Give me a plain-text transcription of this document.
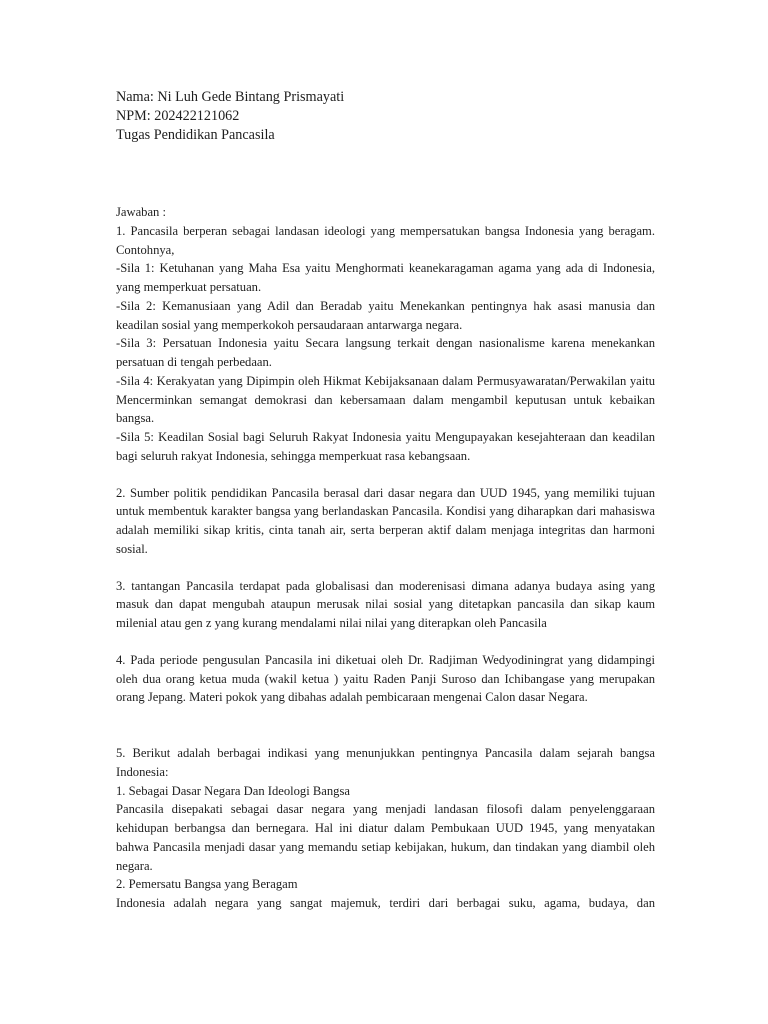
Nama: Ni Luh Gede Bintang Prismayati

NPM: 202422121062

Tugas Pendidikan Pancasila

Jawaban :

1. Pancasila berperan sebagai landasan ideologi yang mempersatukan bangsa Indonesia yang beragam. Contohnya,

-Sila 1: Ketuhanan yang Maha Esa yaitu Menghormati keanekaragaman agama yang ada di Indonesia, yang memperkuat persatuan.

-Sila 2: Kemanusiaan yang Adil dan Beradab yaitu Menekankan pentingnya hak asasi manusia dan keadilan sosial yang memperkokoh persaudaraan antarwarga negara.

-Sila 3: Persatuan Indonesia yaitu Secara langsung terkait dengan nasionalisme karena menekankan persatuan di tengah perbedaan.

-Sila 4: Kerakyatan yang Dipimpin oleh Hikmat Kebijaksanaan dalam Permusyawaratan/Perwakilan yaitu Mencerminkan semangat demokrasi dan kebersamaan dalam mengambil keputusan untuk kebaikan bangsa.

-Sila 5: Keadilan Sosial bagi Seluruh Rakyat Indonesia yaitu Mengupayakan kesejahteraan dan keadilan bagi seluruh rakyat Indonesia, sehingga memperkuat rasa kebangsaan.

2. Sumber politik pendidikan Pancasila berasal dari dasar negara dan UUD 1945, yang memiliki tujuan untuk membentuk karakter bangsa yang berlandaskan Pancasila. Kondisi yang diharapkan dari mahasiswa adalah memiliki sikap kritis, cinta tanah air, serta berperan aktif dalam menjaga integritas dan harmoni sosial.

3. tantangan Pancasila terdapat pada globalisasi dan moderenisasi dimana adanya budaya asing yang masuk dan dapat mengubah ataupun merusak nilai sosial yang ditetapkan pancasila dan sikap kaum milenial atau gen z yang kurang mendalami nilai nilai yang diterapkan oleh Pancasila

4. Pada periode pengusulan Pancasila ini diketuai oleh Dr. Radjiman Wedyodiningrat yang didampingi oleh dua orang ketua muda (wakil ketua ) yaitu Raden Panji Suroso dan Ichibangase yang merupakan orang Jepang. Materi pokok yang dibahas adalah pembicaraan mengenai Calon dasar Negara.

5. Berikut adalah berbagai indikasi yang menunjukkan pentingnya Pancasila dalam sejarah bangsa Indonesia:

1. Sebagai Dasar Negara Dan Ideologi Bangsa

Pancasila disepakati sebagai dasar negara yang menjadi landasan filosofi dalam penyelenggaraan kehidupan berbangsa dan bernegara. Hal ini diatur dalam Pembukaan UUD 1945, yang menyatakan bahwa Pancasila menjadi dasar yang memandu setiap kebijakan, hukum, dan tindakan yang diambil oleh negara.

2. Pemersatu Bangsa yang Beragam

Indonesia adalah negara yang sangat majemuk, terdiri dari berbagai suku, agama, budaya, dan
